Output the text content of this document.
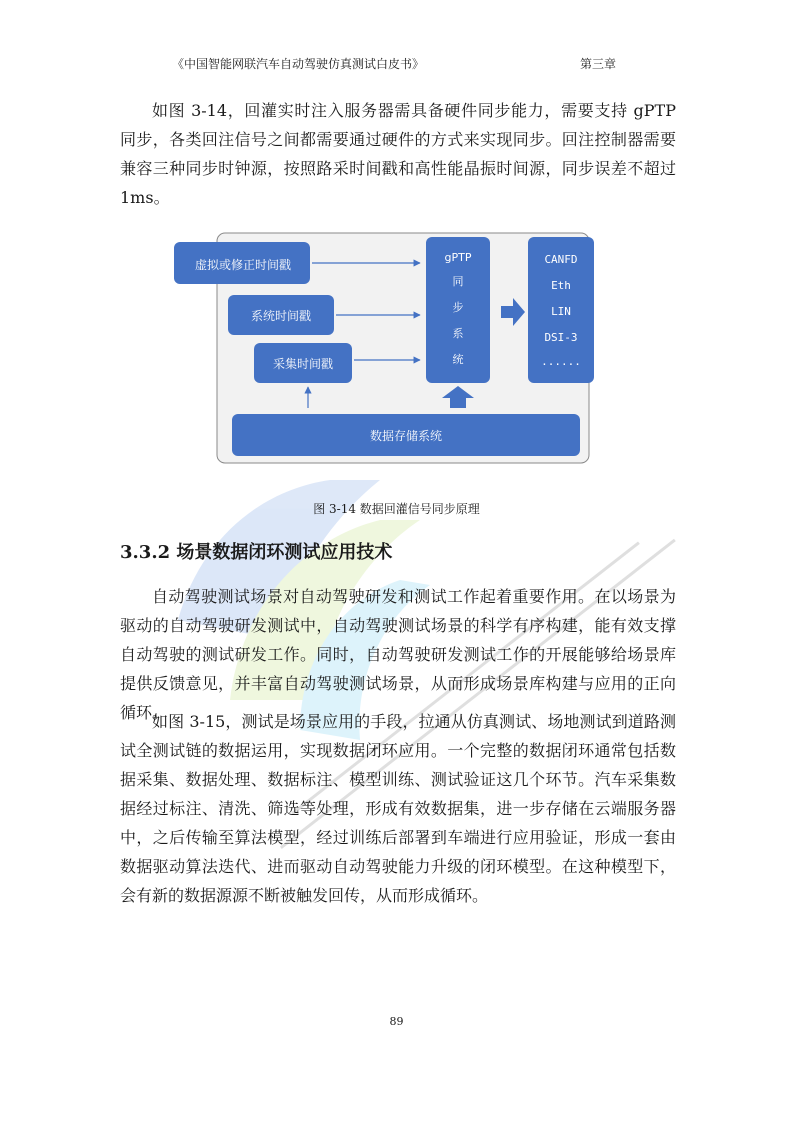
《中国智能网联汽车自动驾驶仿真测试白皮书》	第三章

如图 3-14，回灌实时注入服务器需具备硬件同步能力，需要支持 gPTP 同步，各类回注信号之间都需要通过硬件的方式来实现同步。回注控制器需要兼容三种同步时钟源，按照路采时间戳和高性能晶振时间源，同步误差不超过 1ms。

虚拟或修正时间戳
系统时间戳
采集时间戳
gPTP
同
步
系
统
CANFD
Eth
LIN
DSI-3
......
数据存储系统
图 3-14 数据回灌信号同步原理
3.3.2 场景数据闭环测试应用技术

自动驾驶测试场景对自动驾驶研发和测试工作起着重要作用。在以场景为驱动的自动驾驶研发测试中，自动驾驶测试场景的科学有序构建，能有效支撑自动驾驶的测试研发工作。同时，自动驾驶研发测试工作的开展能够给场景库提供反馈意见，并丰富自动驾驶测试场景，从而形成场景库构建与应用的正向循环。

如图 3-15，测试是场景应用的手段，拉通从仿真测试、场地测试到道路测试全测试链的数据运用，实现数据闭环应用。一个完整的数据闭环通常包括数据采集、数据处理、数据标注、模型训练、测试验证这几个环节。汽车采集数据经过标注、清洗、筛选等处理，形成有效数据集，进一步存储在云端服务器中，之后传输至算法模型，经过训练后部署到车端进行应用验证，形成一套由数据驱动算法迭代、进而驱动自动驾驶能力升级的闭环模型。在这种模型下，会有新的数据源源不断被触发回传，从而形成循环。

89
